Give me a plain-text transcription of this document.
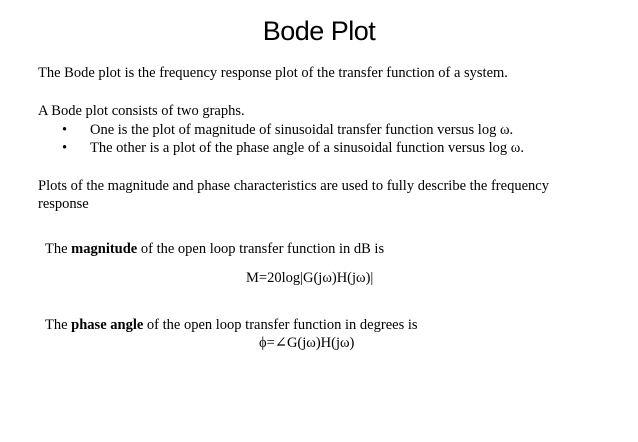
Bode Plot
The Bode plot is the frequency response plot of the transfer function of a system.
A Bode plot consists of two graphs.
• One is the plot of magnitude of sinusoidal transfer function versus log ω.
• The other is a plot of the phase angle of a sinusoidal function versus log ω.
Plots of the magnitude and phase characteristics are used to fully describe the frequency response
The magnitude of the open loop transfer function in dB is
M=20log|G(jω)H(jω)|
The phase angle of the open loop transfer function in degrees is
ϕ=∠G(jω)H(jω)
